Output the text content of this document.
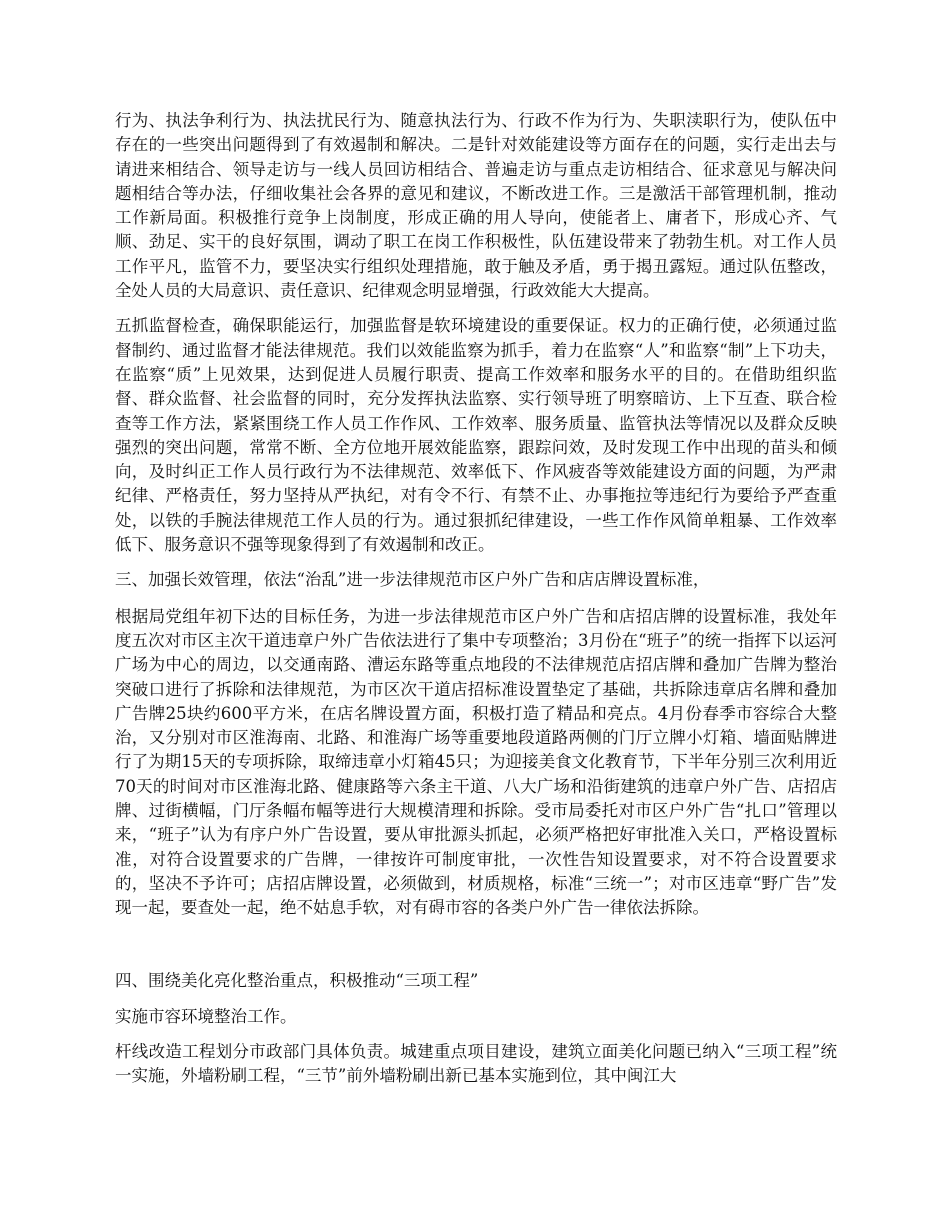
行为、执法争利行为、执法扰民行为、随意执法行为、行政不作为行为、失职渎职行为，使队伍中存在的一些突出问题得到了有效遏制和解决。二是针对效能建设等方面存在的问题，实行走出去与请进来相结合、领导走访与一线人员回访相结合、普遍走访与重点走访相结合、征求意见与解决问题相结合等办法，仔细收集社会各界的意见和建议，不断改进工作。三是激活干部管理机制，推动工作新局面。积极推行竞争上岗制度，形成正确的用人导向，使能者上、庸者下，形成心齐、气顺、劲足、实干的良好氛围，调动了职工在岗工作积极性，队伍建设带来了勃勃生机。对工作人员工作平凡，监管不力，要坚决实行组织处理措施，敢于触及矛盾，勇于揭丑露短。通过队伍整改，全处人员的大局意识、责任意识、纪律观念明显增强，行政效能大大提高。

五抓监督检查，确保职能运行，加强监督是软环境建设的重要保证。权力的正确行使，必须通过监督制约、通过监督才能法律规范。我们以效能监察为抓手，着力在监察“人”和监察“制”上下功夫，在监察“质”上见效果，达到促进人员履行职责、提高工作效率和服务水平的目的。在借助组织监督、群众监督、社会监督的同时，充分发挥执法监察、实行领导班了明察暗访、上下互查、联合检查等工作方法，紧紧围绕工作人员工作作风、工作效率、服务质量、监管执法等情况以及群众反映强烈的突出问题，常常不断、全方位地开展效能监察，跟踪问效，及时发现工作中出现的苗头和倾向，及时纠正工作人员行政行为不法律规范、效率低下、作风疲沓等效能建设方面的问题，为严肃纪律、严格责任，努力坚持从严执纪，对有令不行、有禁不止、办事拖拉等违纪行为要给予严查重处，以铁的手腕法律规范工作人员的行为。通过狠抓纪律建设，一些工作作风简单粗暴、工作效率低下、服务意识不强等现象得到了有效遏制和改正。

三、加强长效管理，依法“治乱”进一步法律规范市区户外广告和店店牌设置标准，

根据局党组年初下达的目标任务，为进一步法律规范市区户外广告和店招店牌的设置标准，我处年度五次对市区主次干道违章户外广告依法进行了集中专项整治；3月份在“班子”的统一指挥下以运河广场为中心的周边，以交通南路、漕运东路等重点地段的不法律规范店招店牌和叠加广告牌为整治突破口进行了拆除和法律规范，为市区次干道店招标准设置垫定了基础，共拆除违章店名牌和叠加广告牌25块约600平方米，在店名牌设置方面，积极打造了精品和亮点。4月份春季市容综合大整治，又分别对市区淮海南、北路、和淮海广场等重要地段道路两侧的门厅立牌小灯箱、墙面贴牌进行了为期15天的专项拆除，取缔违章小灯箱45只；为迎接美食文化教育节，下半年分别三次利用近70天的时间对市区淮海北路、健康路等六条主干道、八大广场和沿街建筑的违章户外广告、店招店牌、过街横幅，门厅条幅布幅等进行大规模清理和拆除。受市局委托对市区户外广告“扎口”管理以来，“班子”认为有序户外广告设置，要从审批源头抓起，必须严格把好审批准入关口，严格设置标准，对符合设置要求的广告牌，一律按许可制度审批，一次性告知设置要求，对不符合设置要求的，坚决不予许可；店招店牌设置，必须做到，材质规格，标准“三统一”；对市区违章“野广告”发现一起，要查处一起，绝不姑息手软，对有碍市容的各类户外广告一律依法拆除。

四、围绕美化亮化整治重点，积极推动“三项工程”

实施市容环境整治工作。

杆线改造工程划分市政部门具体负责。城建重点项目建设，建筑立面美化问题已纳入“三项工程”统一实施，外墙粉刷工程，“三节”前外墙粉刷出新已基本实施到位，其中闽江大
